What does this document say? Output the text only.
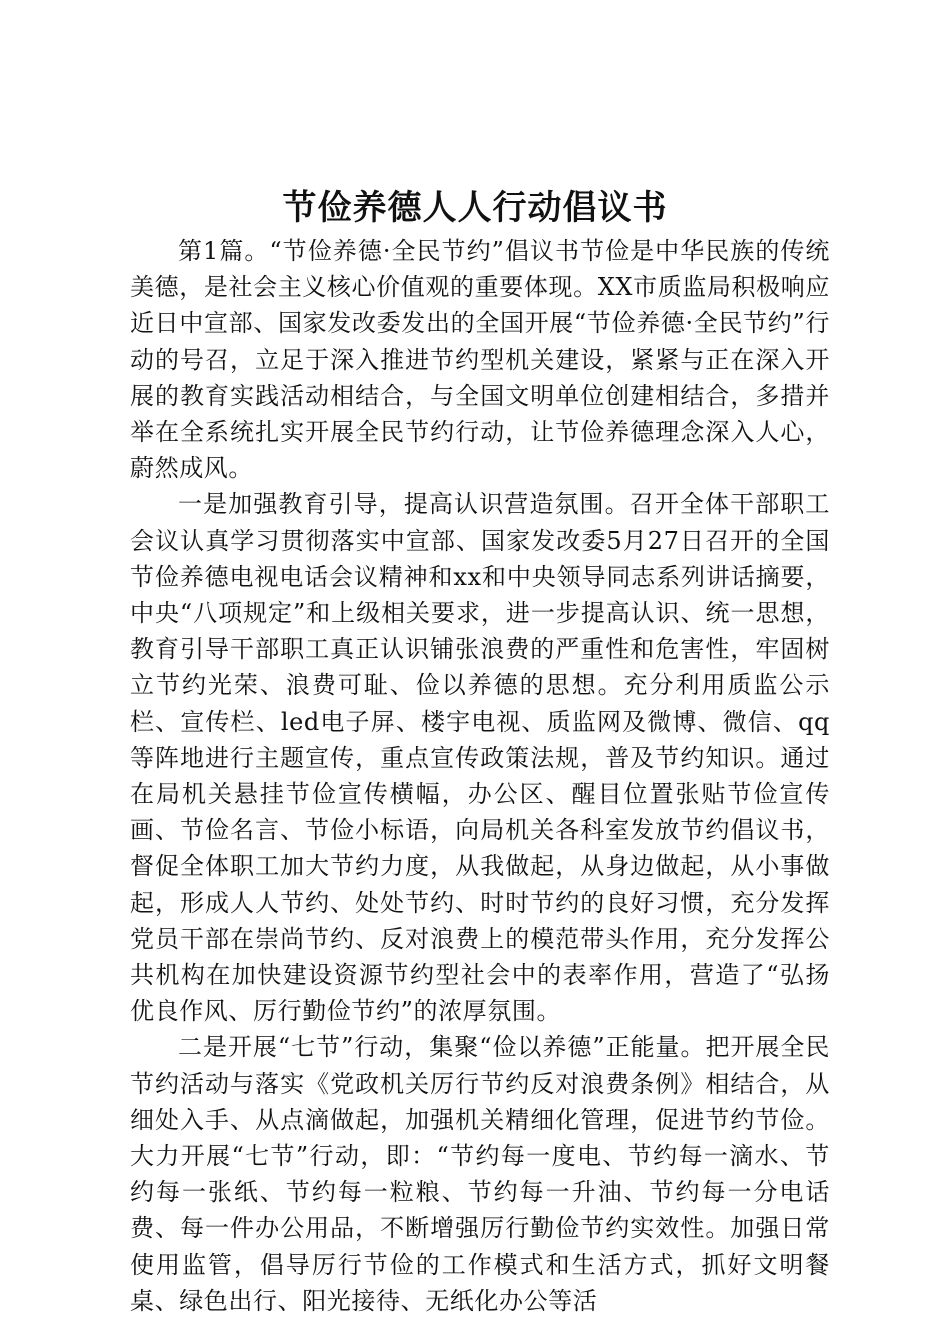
节俭养德人人行动倡议书

第1篇。“节俭养德·全民节约”倡议书节俭是中华民族的传统美德，是社会主义核心价值观的重要体现。XX市质监局积极响应近日中宣部、国家发改委发出的全国开展“节俭养德·全民节约”行动的号召，立足于深入推进节约型机关建设，紧紧与正在深入开展的教育实践活动相结合，与全国文明单位创建相结合，多措并举在全系统扎实开展全民节约行动，让节俭养德理念深入人心，蔚然成风。

一是加强教育引导，提高认识营造氛围。召开全体干部职工会议认真学习贯彻落实中宣部、国家发改委5月27日召开的全国节俭养德电视电话会议精神和xx和中央领导同志系列讲话摘要，中央“八项规定”和上级相关要求，进一步提高认识、统一思想，教育引导干部职工真正认识铺张浪费的严重性和危害性，牢固树立节约光荣、浪费可耻、俭以养德的思想。充分利用质监公示栏、宣传栏、led电子屏、楼宇电视、质监网及微博、微信、qq等阵地进行主题宣传，重点宣传政策法规，普及节约知识。通过在局机关悬挂节俭宣传横幅，办公区、醒目位置张贴节俭宣传画、节俭名言、节俭小标语，向局机关各科室发放节约倡议书，督促全体职工加大节约力度，从我做起，从身边做起，从小事做起，形成人人节约、处处节约、时时节约的良好习惯，充分发挥党员干部在崇尚节约、反对浪费上的模范带头作用，充分发挥公共机构在加快建设资源节约型社会中的表率作用，营造了“弘扬优良作风、厉行勤俭节约”的浓厚氛围。

二是开展“七节”行动，集聚“俭以养德”正能量。把开展全民节约活动与落实《党政机关厉行节约反对浪费条例》相结合，从细处入手、从点滴做起，加强机关精细化管理，促进节约节俭。大力开展“七节”行动，即：“节约每一度电、节约每一滴水、节约每一张纸、节约每一粒粮、节约每一升油、节约每一分电话费、每一件办公用品，不断增强厉行勤俭节约实效性。加强日常使用监管，倡导厉行节俭的工作模式和生活方式，抓好文明餐桌、绿色出行、阳光接待、无纸化办公等活
